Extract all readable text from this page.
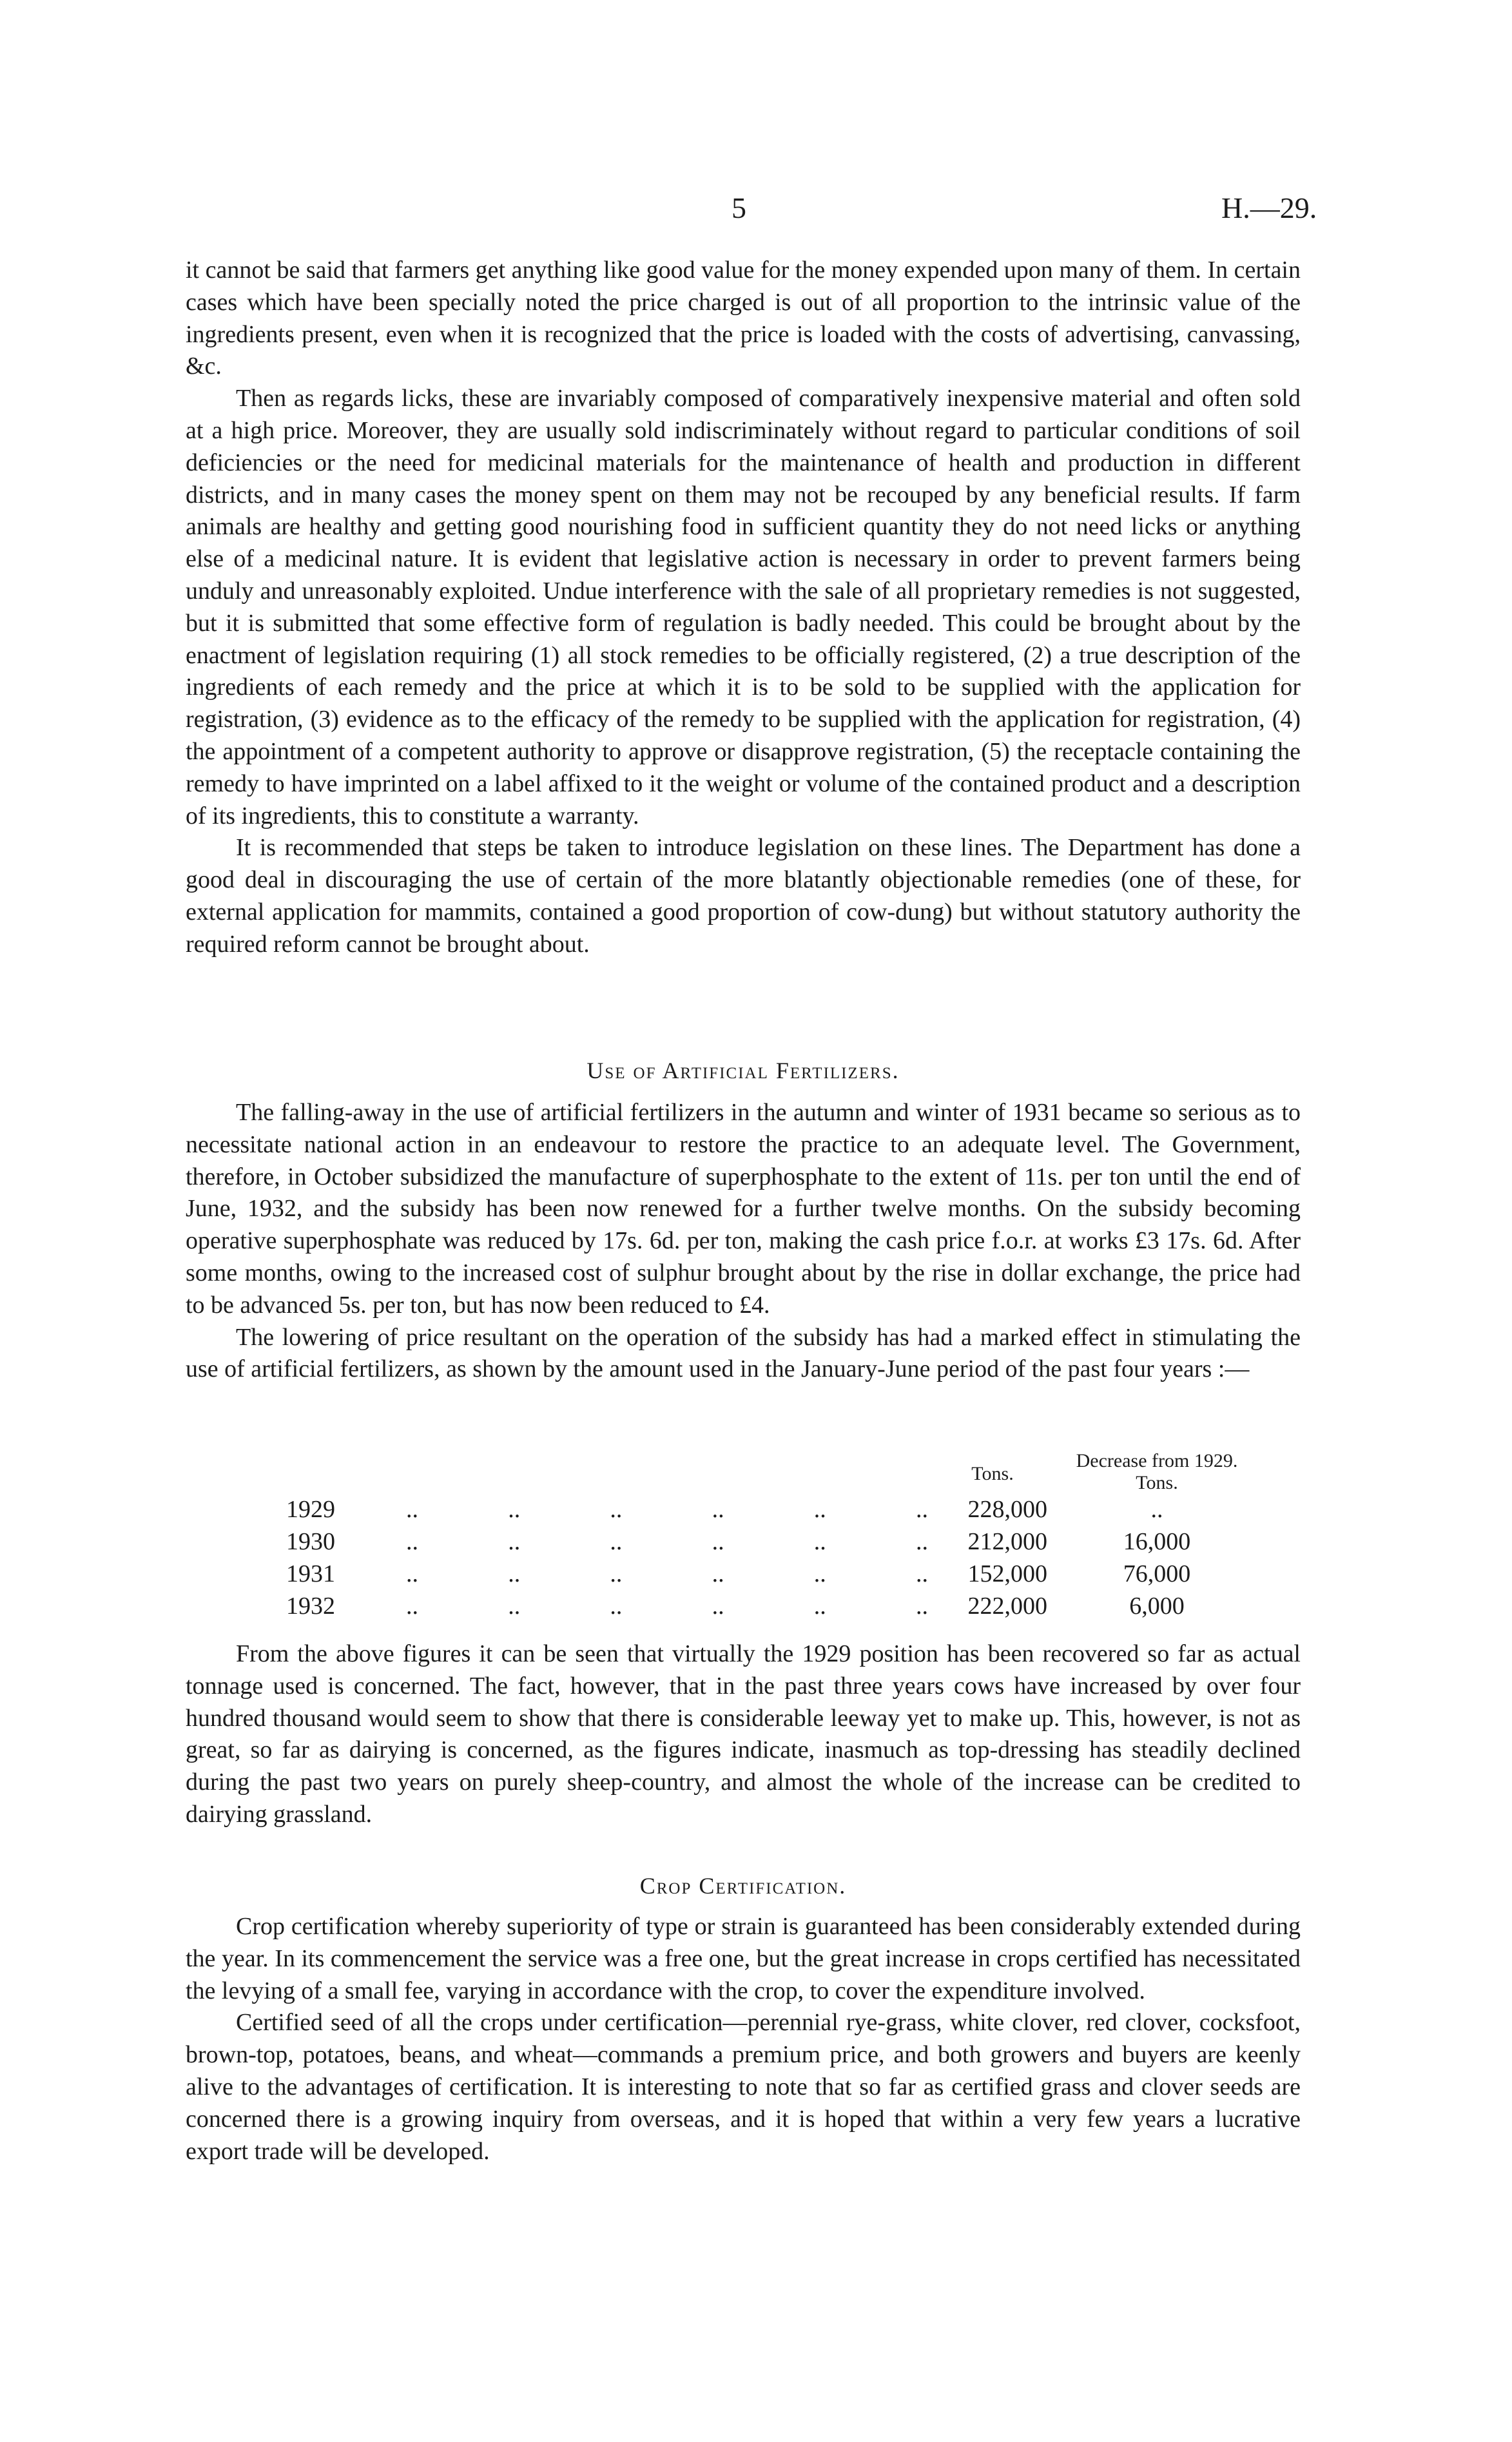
5	H.—29.

it cannot be said that farmers get anything like good value for the money expended upon many of them. In certain cases which have been specially noted the price charged is out of all proportion to the intrinsic value of the ingredients present, even when it is recognized that the price is loaded with the costs of advertising, canvassing, &c.

Then as regards licks, these are invariably composed of comparatively inexpensive material and often sold at a high price. Moreover, they are usually sold indiscriminately without regard to particular conditions of soil deficiencies or the need for medicinal materials for the maintenance of health and production in different districts, and in many cases the money spent on them may not be recouped by any beneficial results. If farm animals are healthy and getting good nourishing food in sufficient quantity they do not need licks or anything else of a medicinal nature. It is evident that legislative action is necessary in order to prevent farmers being unduly and unreasonably exploited. Undue interference with the sale of all proprietary remedies is not suggested, but it is submitted that some effective form of regulation is badly needed. This could be brought about by the enactment of legislation requiring (1) all stock remedies to be officially registered, (2) a true description of the ingredients of each remedy and the price at which it is to be sold to be supplied with the application for registration, (3) evidence as to the efficacy of the remedy to be supplied with the application for registration, (4) the appointment of a competent authority to approve or disapprove registration, (5) the receptacle containing the remedy to have imprinted on a label affixed to it the weight or volume of the contained product and a description of its ingredients, this to constitute a warranty.

It is recommended that steps be taken to introduce legislation on these lines. The Department has done a good deal in discouraging the use of certain of the more blatantly objectionable remedies (one of these, for external application for mammits, contained a good proportion of cow-dung) but without statutory authority the required reform cannot be brought about.

Use of Artificial Fertilizers.

The falling-away in the use of artificial fertilizers in the autumn and winter of 1931 became so serious as to necessitate national action in an endeavour to restore the practice to an adequate level. The Government, therefore, in October subsidized the manufacture of superphosphate to the extent of 11s. per ton until the end of June, 1932, and the subsidy has been now renewed for a further twelve months. On the subsidy becoming operative superphosphate was reduced by 17s. 6d. per ton, making the cash price f.o.r. at works £3 17s. 6d. After some months, owing to the increased cost of sulphur brought about by the rise in dollar exchange, the price had to be advanced 5s. per ton, but has now been reduced to £4.

The lowering of price resultant on the operation of the subsidy has had a marked effect in stimulating the use of artificial fertilizers, as shown by the amount used in the January-June period of the past four years :—

Tons.
Decrease from 1929.
Tons.
1929	..	..	..	..	..	..	228,000	..
1930	..	..	..	..	..	..	212,000	16,000
1931	..	..	..	..	..	..	152,000	76,000
1932	..	..	..	..	..	..	222,000	6,000

From the above figures it can be seen that virtually the 1929 position has been recovered so far as actual tonnage used is concerned. The fact, however, that in the past three years cows have increased by over four hundred thousand would seem to show that there is considerable leeway yet to make up. This, however, is not as great, so far as dairying is concerned, as the figures indicate, inasmuch as top-dressing has steadily declined during the past two years on purely sheep-country, and almost the whole of the increase can be credited to dairying grassland.

Crop Certification.

Crop certification whereby superiority of type or strain is guaranteed has been considerably extended during the year. In its commencement the service was a free one, but the great increase in crops certified has necessitated the levying of a small fee, varying in accordance with the crop, to cover the expenditure involved.

Certified seed of all the crops under certification—perennial rye-grass, white clover, red clover, cocksfoot, brown-top, potatoes, beans, and wheat—commands a premium price, and both growers and buyers are keenly alive to the advantages of certification. It is interesting to note that so far as certified grass and clover seeds are concerned there is a growing inquiry from overseas, and it is hoped that within a very few years a lucrative export trade will be developed.
